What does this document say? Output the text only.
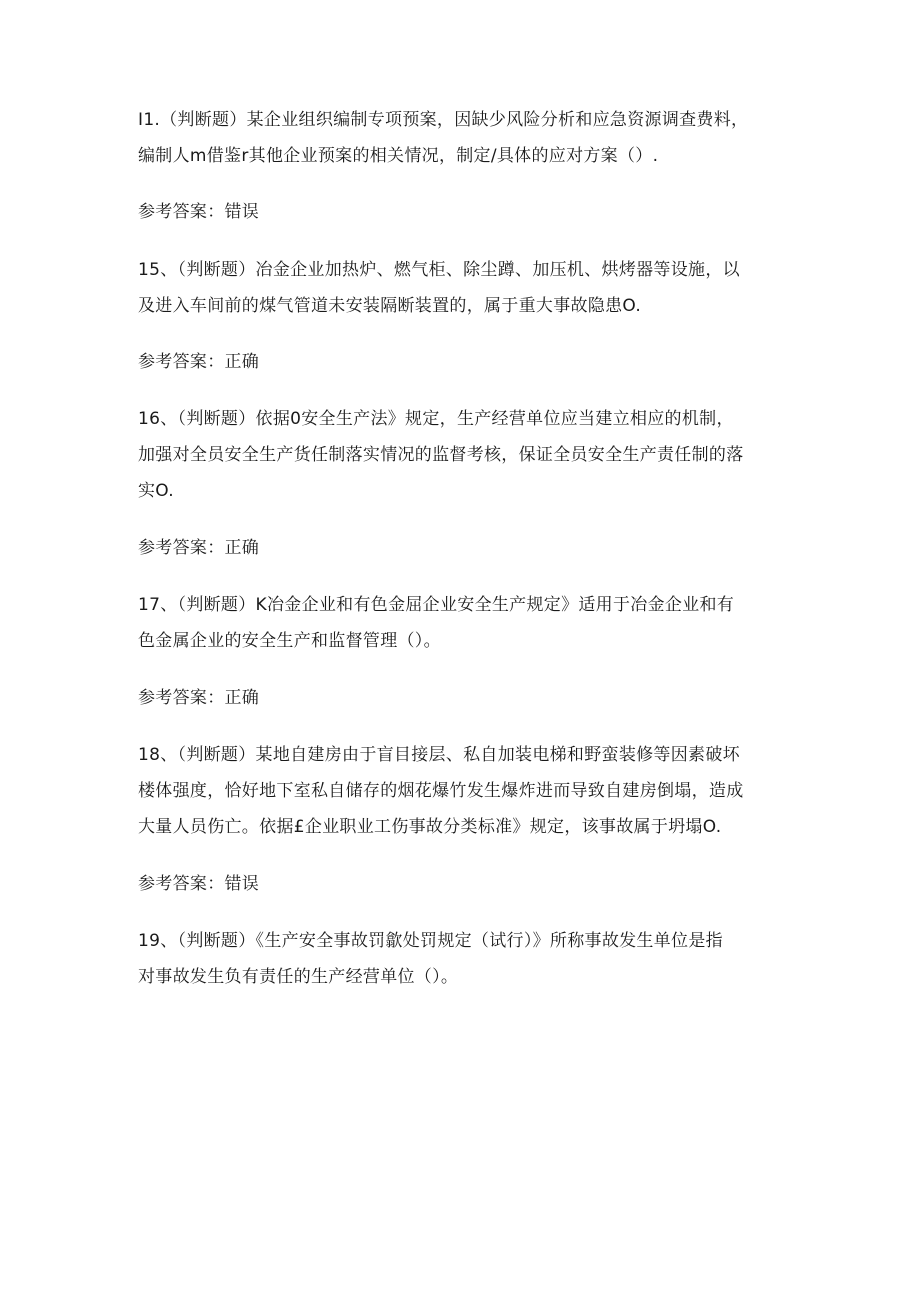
I1.（判断题）某企业组织编制专项预案，因缺少风险分析和应急资源调查费料，
编制人m借鉴r其他企业预案的相关情况，制定/具体的应对方案（）.
参考答案：错误
15、（判断题）冶金企业加热炉、燃气柜、除尘蹲、加压机、烘烤器等设施，以
及进入车间前的煤气管道未安装隔断装置的，属于重大事故隐患O.
参考答案：正确
16、（判断题）依据0安全生产法》规定，生产经营单位应当建立相应的机制，
加强对全员安全生产货任制落实情况的监督考核，保证全员安全生产责任制的落
实O.
参考答案：正确
17、（判断题）K冶金企业和有色金屈企业安全生产规定》适用于冶金企业和有
色金属企业的安全生产和监督管理（）。
参考答案：正确
18、（判断题）某地自建房由于盲目接层、私自加装电梯和野蛮装修等因素破坏
楼体强度，恰好地下室私自储存的烟花爆竹发生爆炸进而导致自建房倒塌，造成
大量人员伤亡。依据£企业职业工伤事故分类标准》规定，该事故属于坍塌O.
参考答案：错误
19、（判断题）《生产安全事故罚歙处罚规定（试行）》所称事故发生单位是指
对事故发生负有责任的生产经营单位（）。
